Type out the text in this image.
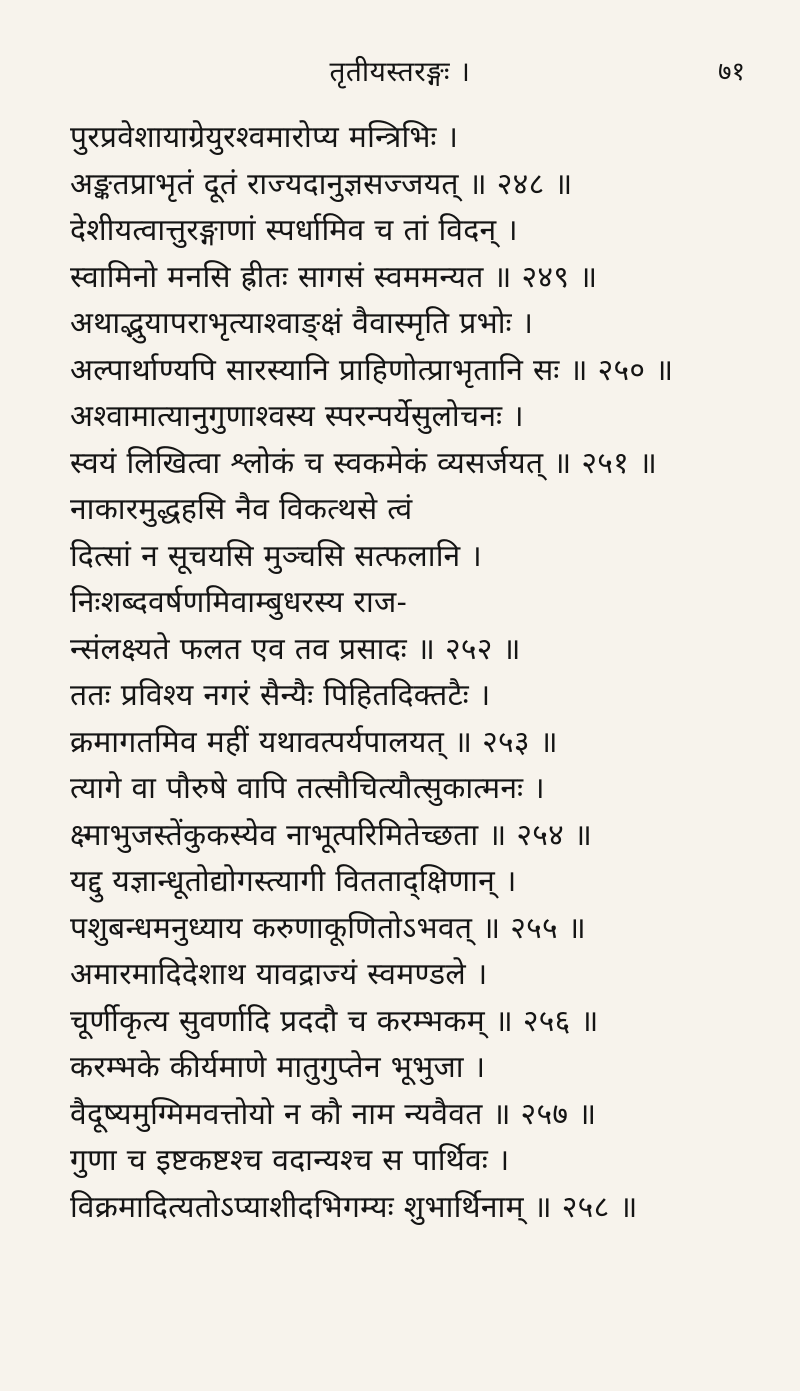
तृतीयस्तरङ्गः ।	७१
पुरप्रवेशायाग्रेयुरश्वमारोप्य मन्त्रिभिः ।
अङ्कतप्राभृतं दूतं राज्यदानुज्ञसज्जयत् ॥ २४८ ॥
देशीयत्वात्तुरङ्गाणां स्पर्धामिव च तां विदन् ।
स्वामिनो मनसि ह्रीतः सागसं स्वममन्यत ॥ २४९ ॥
अथाद्भुयापराभृत्याश्वाङ्क्षं वैवास्मृति प्रभोः ।
अल्पार्थाण्यपि सारस्यानि प्राहिणोत्प्राभृतानि सः ॥ २५० ॥
अश्वामात्यानुगुणाश्वस्य स्परन्पर्येसुलोचनः ।
स्वयं लिखित्वा श्लोकं च स्वकमेकं व्यसर्जयत् ॥ २५१ ॥
नाकारमुद्धहसि नैव विकत्थसे त्वं
दित्सां न सूचयसि मुञ्चसि सत्फलानि ।
निःशब्दवर्षणमिवाम्बुधरस्य राज-
न्संलक्ष्यते फलत एव तव प्रसादः ॥ २५२ ॥
ततः प्रविश्य नगरं सैन्यैः पिहितदिक्तटैः ।
क्रमागतमिव महीं यथावत्पर्यपालयत् ॥ २५३ ॥
त्यागे वा पौरुषे वापि तत्सौचित्यौत्सुकात्मनः ।
क्ष्माभुजस्तेंकुकस्येव नाभूत्परिमितेच्छता ॥ २५४ ॥
यद्दु यज्ञान्धूतोद्योगस्त्यागी वितताद्क्षिणान् ।
पशुबन्धमनुध्याय करुणाकूणितोऽभवत् ॥ २५५ ॥
अमारमादिदेशाथ यावद्राज्यं स्वमण्डले ।
चूर्णीकृत्य सुवर्णादि प्रददौ च करम्भकम् ॥ २५६ ॥
करम्भके कीर्यमाणे मातुगुप्तेन भूभुजा ।
वैदूष्यमुग्मिमवत्तोयो न कौ नाम न्यवैवत ॥ २५७ ॥
गुणा च इष्टकष्टश्च वदान्यश्च स पार्थिवः ।
विक्रमादित्यतोऽप्याशीदभिगम्यः शुभार्थिनाम् ॥ २५८ ॥
